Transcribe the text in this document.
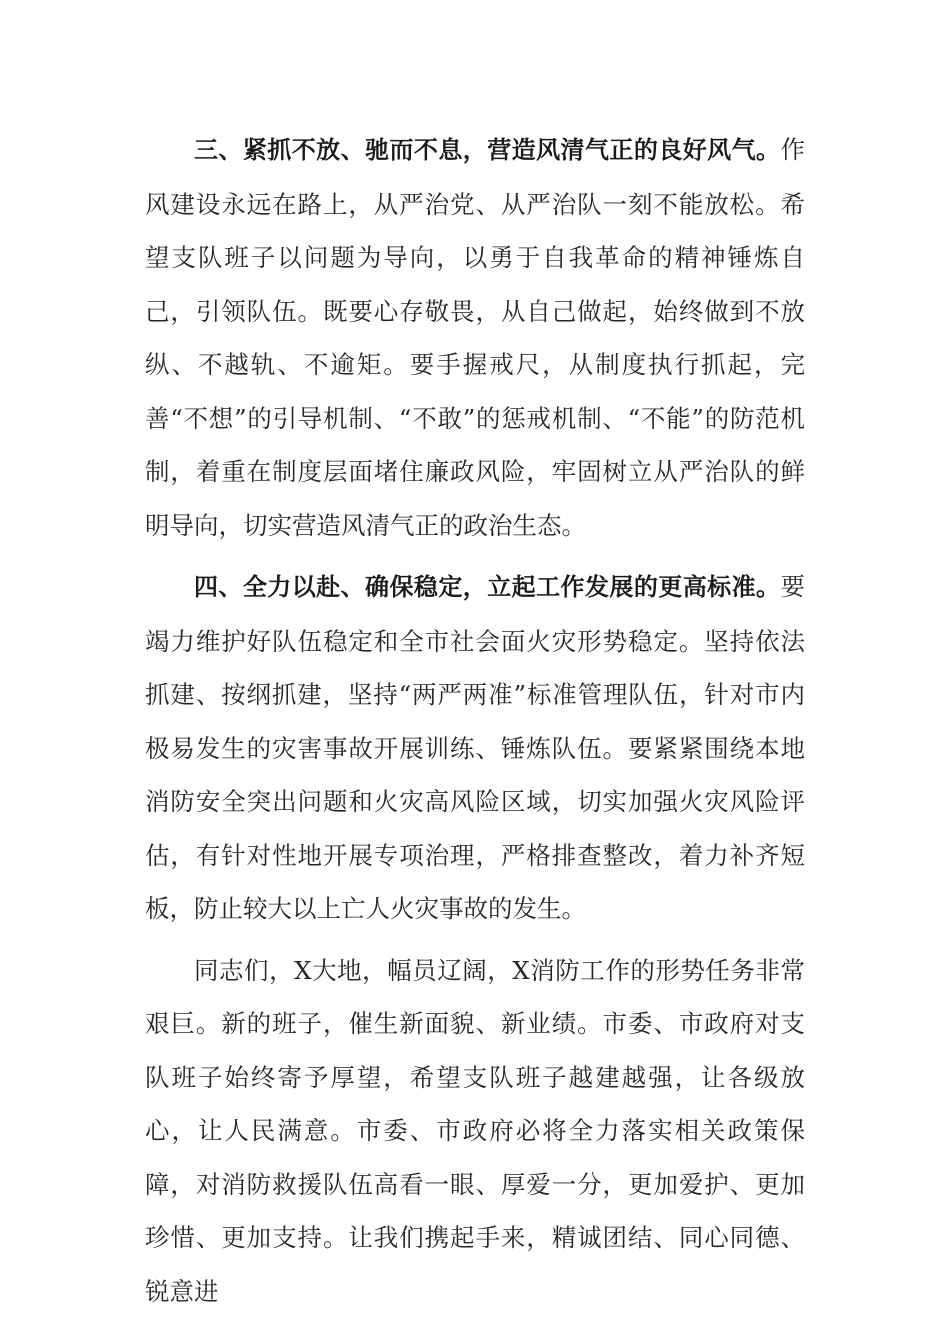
三、紧抓不放、驰而不息，营造风清气正的良好风气。作风建设永远在路上，从严治党、从严治队一刻不能放松。希望支队班子以问题为导向，以勇于自我革命的精神锤炼自己，引领队伍。既要心存敬畏，从自己做起，始终做到不放纵、不越轨、不逾矩。要手握戒尺，从制度执行抓起，完善“不想”的引导机制、“不敢”的惩戒机制、“不能”的防范机制，着重在制度层面堵住廉政风险，牢固树立从严治队的鲜明导向，切实营造风清气正的政治生态。

四、全力以赴、确保稳定，立起工作发展的更高标准。要竭力维护好队伍稳定和全市社会面火灾形势稳定。坚持依法抓建、按纲抓建，坚持“两严两准”标准管理队伍，针对市内极易发生的灾害事故开展训练、锤炼队伍。要紧紧围绕本地消防安全突出问题和火灾高风险区域，切实加强火灾风险评估，有针对性地开展专项治理，严格排查整改，着力补齐短板，防止较大以上亡人火灾事故的发生。

同志们，X大地，幅员辽阔，X消防工作的形势任务非常艰巨。新的班子，催生新面貌、新业绩。市委、市政府对支队班子始终寄予厚望，希望支队班子越建越强，让各级放心，让人民满意。市委、市政府必将全力落实相关政策保障，对消防救援队伍高看一眼、厚爱一分，更加爱护、更加珍惜、更加支持。让我们携起手来，精诚团结、同心同德、锐意进
